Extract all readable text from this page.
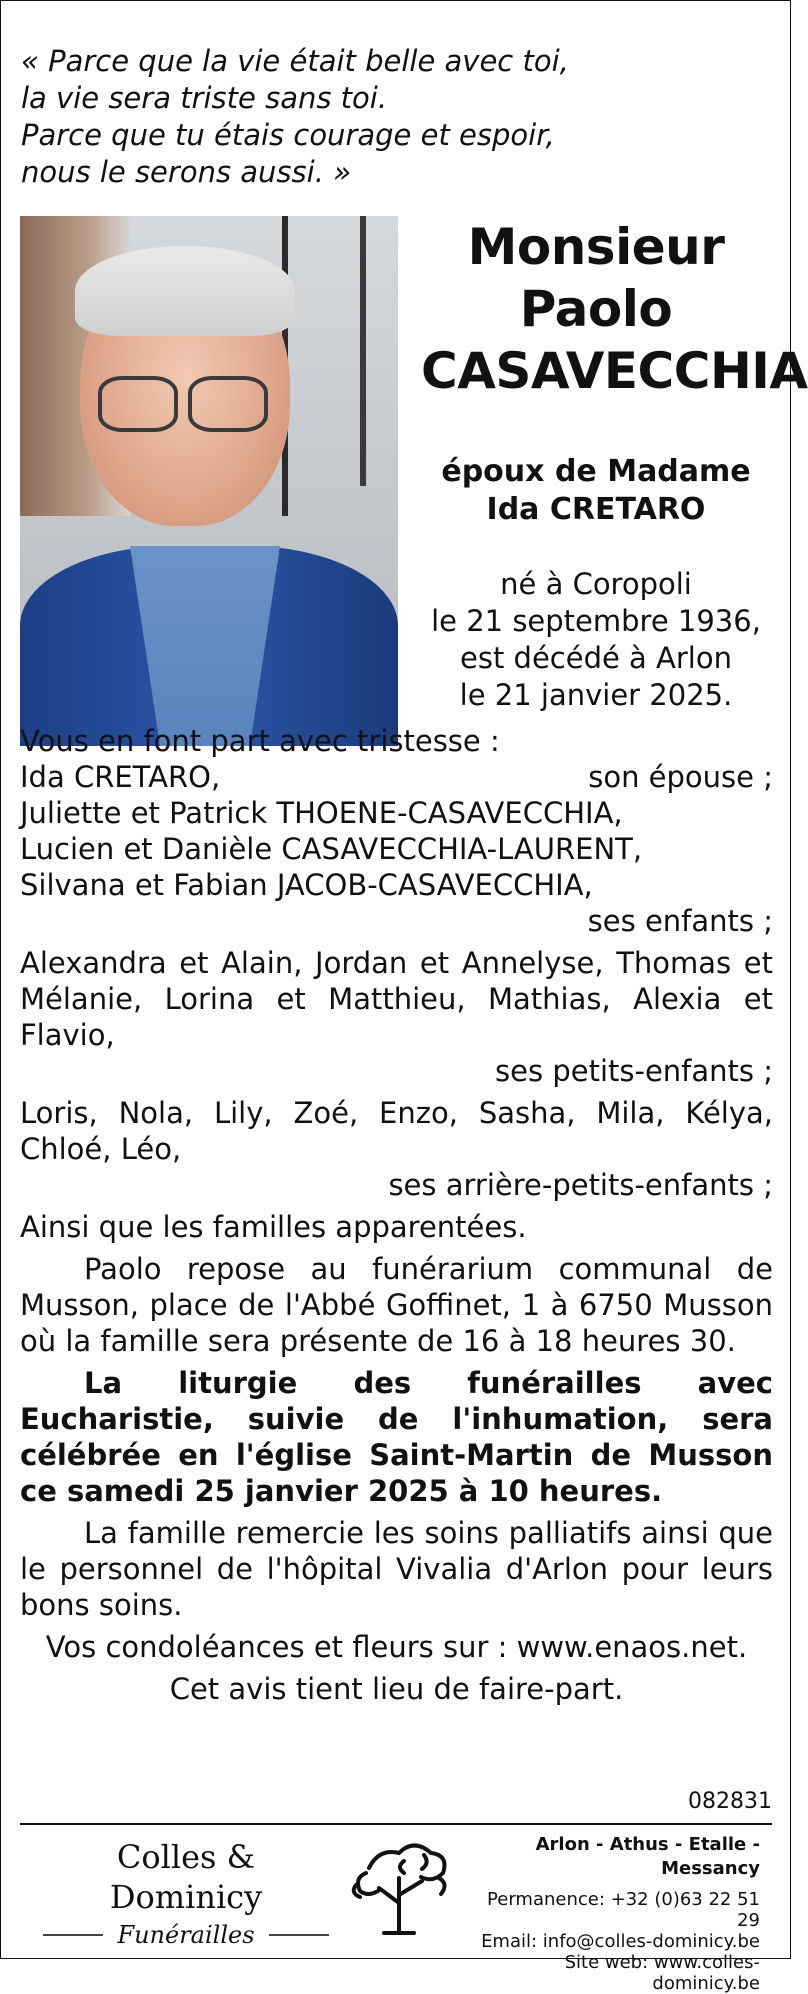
« Parce que la vie était belle avec toi,
la vie sera triste sans toi.
Parce que tu étais courage et espoir,
nous le serons aussi. »
Monsieur
Paolo
CASAVECCHIA
époux de Madame
Ida CRETARO
né à Coropoli
le 21 septembre 1936,
est décédé à Arlon
le 21 janvier 2025.
Vous en font part avec tristesse :
Ida CRETARO,	son épouse ;
Juliette et Patrick THOENE-CASAVECCHIA,
Lucien et Danièle CASAVECCHIA-LAURENT,
Silvana et Fabian JACOB-CASAVECCHIA,
ses enfants ;
Alexandra et Alain, Jordan et Annelyse, Thomas et Mélanie, Lorina et Matthieu, Mathias, Alexia et Flavio,
ses petits-enfants ;
Loris, Nola, Lily, Zoé, Enzo, Sasha, Mila, Kélya, Chloé, Léo,
ses arrière-petits-enfants ;
Ainsi que les familles apparentées.
Paolo repose au funérarium communal de Musson, place de l'Abbé Goffinet, 1 à 6750 Musson où la famille sera présente de 16 à 18 heures 30.
La liturgie des funérailles avec Eucharistie, suivie de l'inhumation, sera célébrée en l'église Saint-Martin de Musson ce samedi 25 janvier 2025 à 10 heures.
La famille remercie les soins palliatifs ainsi que le personnel de l'hôpital Vivalia d'Arlon pour leurs bons soins.
Vos condoléances et fleurs sur : www.enaos.net.
Cet avis tient lieu de faire-part.
082831
Colles & Dominicy
Funérailles
Arlon - Athus - Etalle - Messancy
Permanence: +32 (0)63 22 51 29
Email: info@colles-dominicy.be
Site web: www.colles-dominicy.be
